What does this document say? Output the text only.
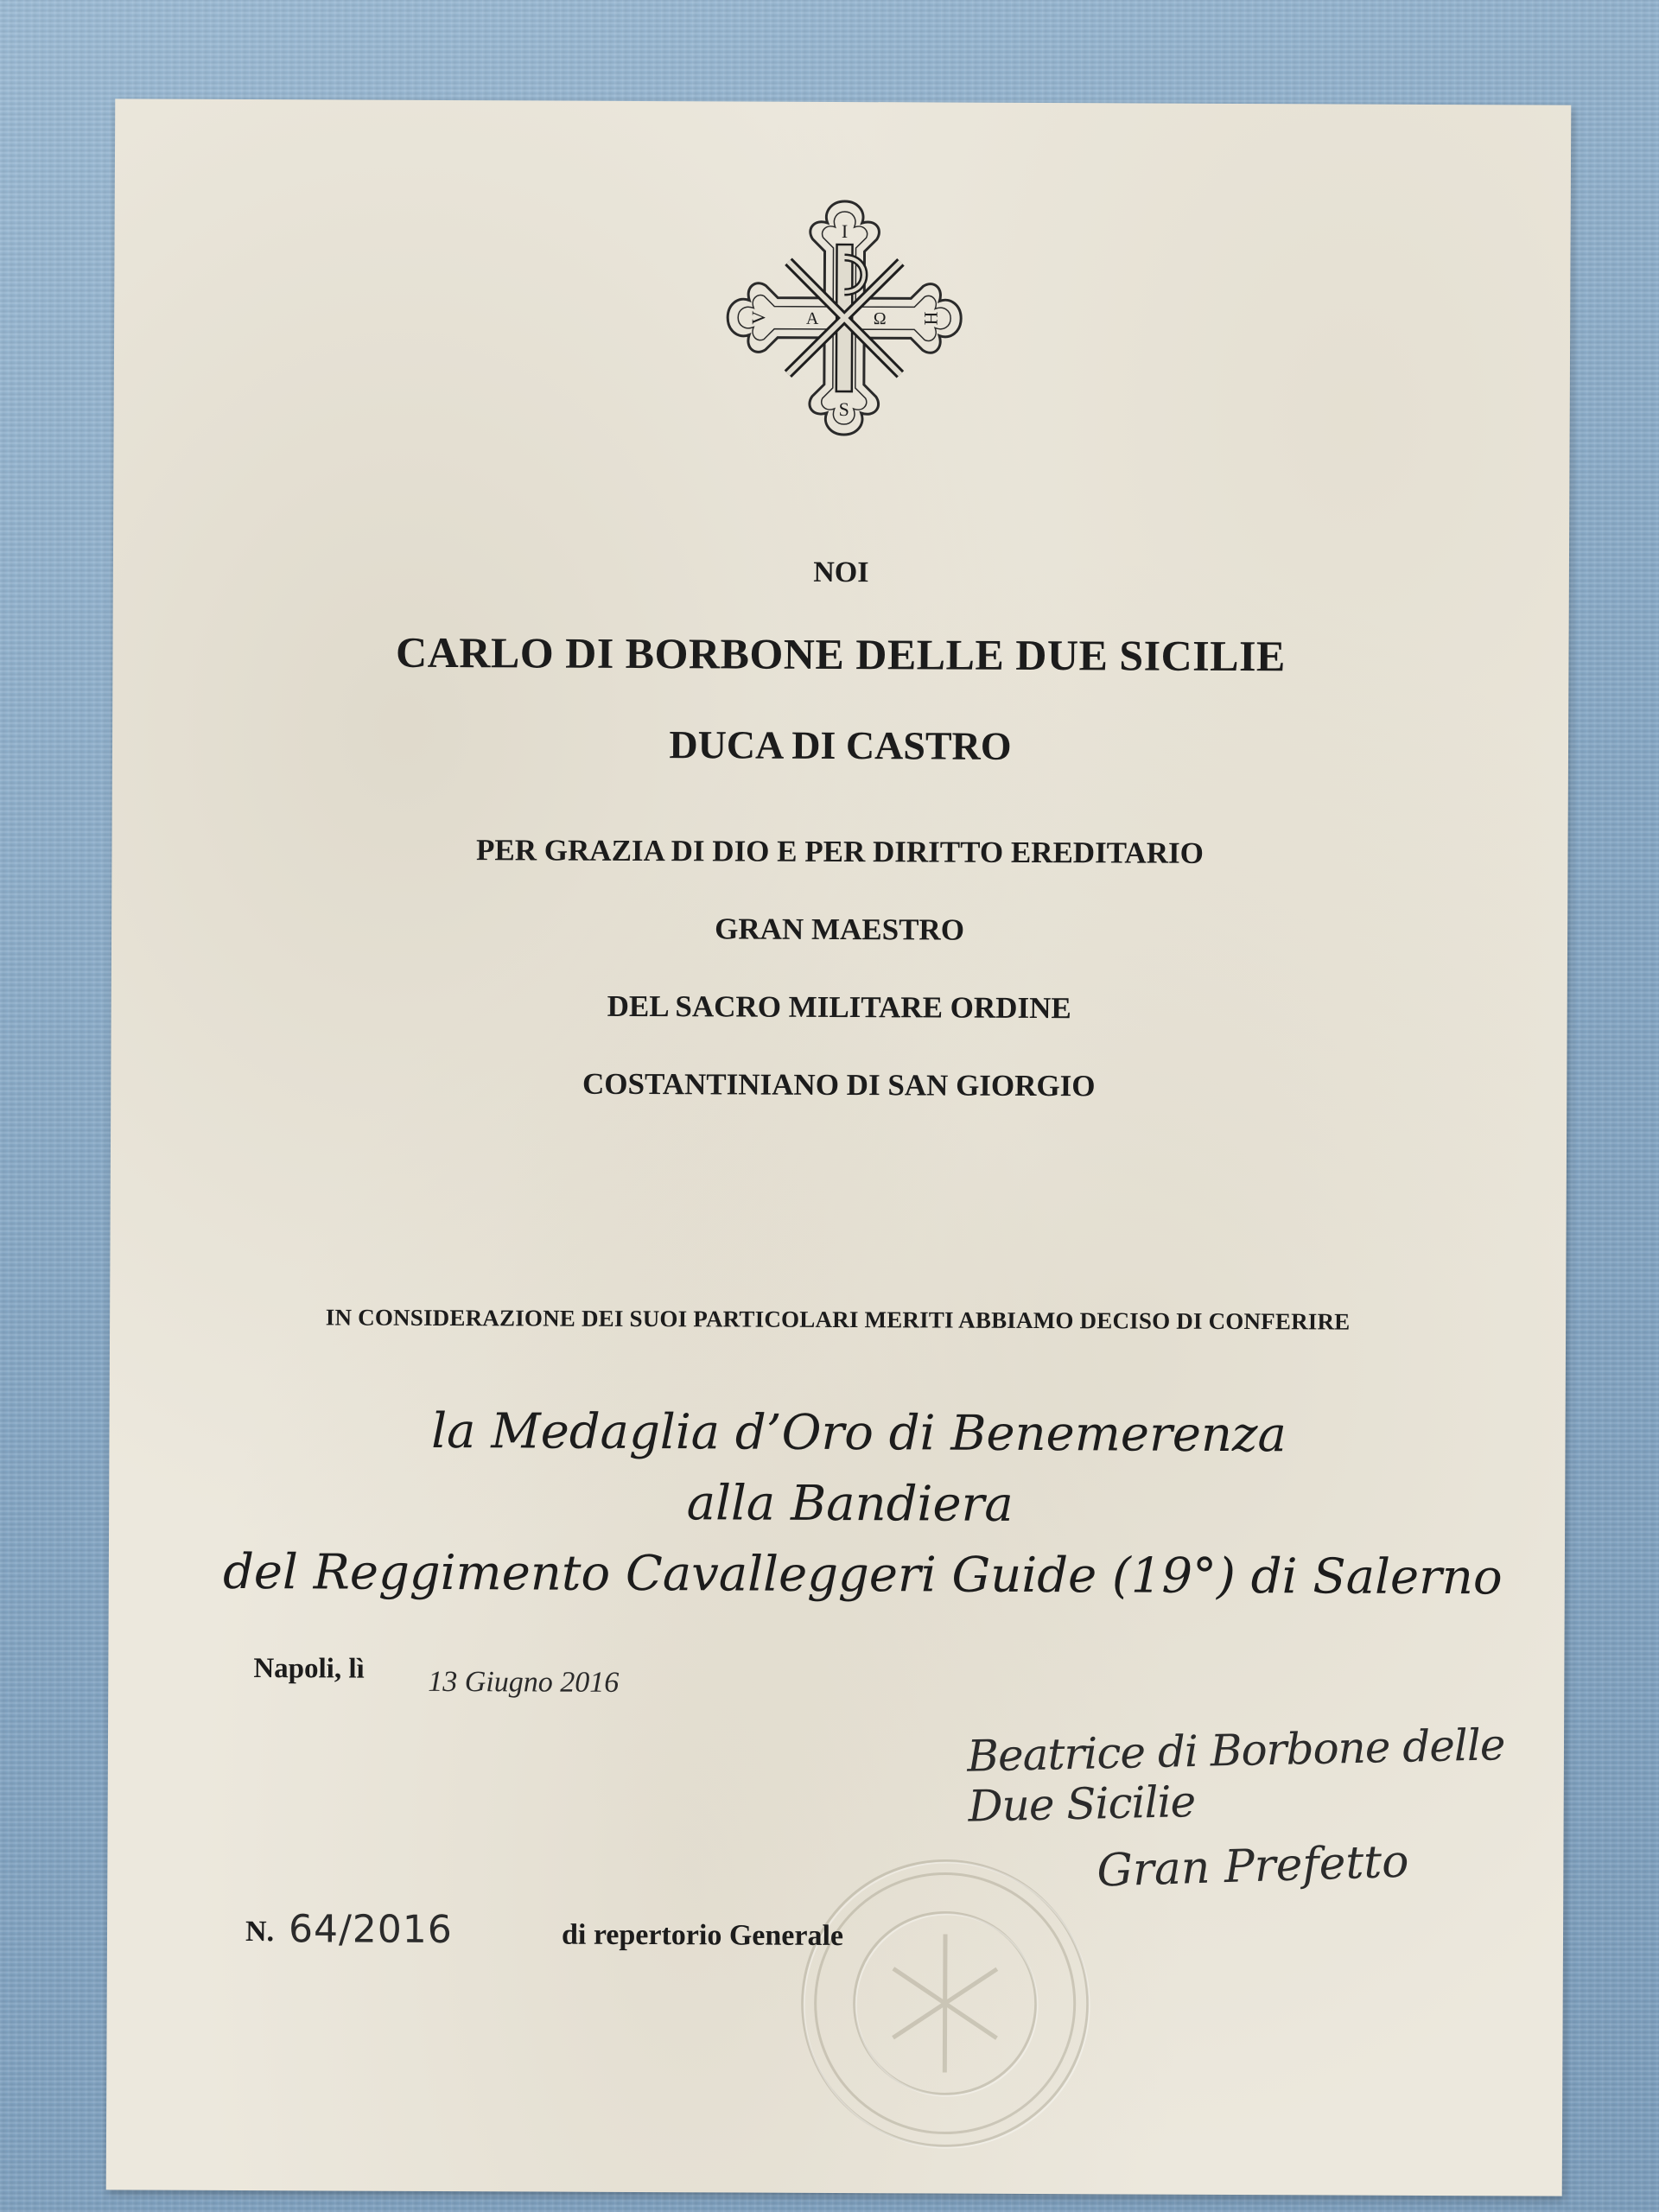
I
S
V	H
A	Ω
NOI
CARLO DI BORBONE DELLE DUE SICILIE
DUCA DI CASTRO
PER GRAZIA DI DIO E PER DIRITTO EREDITARIO
GRAN MAESTRO
DEL SACRO MILITARE ORDINE
COSTANTINIANO DI SAN GIORGIO
IN CONSIDERAZIONE DEI SUOI PARTICOLARI MERITI ABBIAMO DECISO DI CONFERIRE
la Medaglia d’Oro di Benemerenza
alla Bandiera
del Reggimento Cavalleggeri Guide (19°) di Salerno
Napoli, lì 13 Giugno 2016
Beatrice di Borbone delle Due Sicilie
Gran Prefetto
N. 64/2016	di repertorio Generale
